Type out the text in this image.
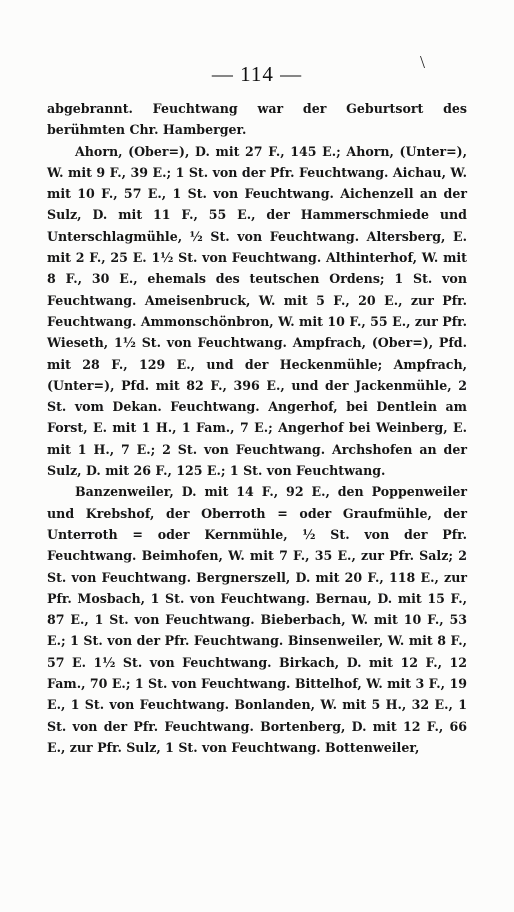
— 114 —	\

abgebrannt. Feuchtwang war der Geburtsort des berühmten Chr. Hamberger.

Ahorn, (Ober=), D. mit 27 F., 145 E.; Ahorn, (Unter=), W. mit 9 F., 39 E.; 1 St. von der Pfr. Feuchtwang. Aichau, W. mit 10 F., 57 E., 1 St. von Feuchtwang. Aichenzell an der Sulz, D. mit 11 F., 55 E., der Hammerschmiede und Unterschlagmühle, ½ St. von Feuchtwang. Altersberg, E. mit 2 F., 25 E. 1½ St. von Feuchtwang. Althinterhof, W. mit 8 F., 30 E., ehemals des teutschen Ordens; 1 St. von Feuchtwang. Ameisenbruck, W. mit 5 F., 20 E., zur Pfr. Feuchtwang. Ammonschönbron, W. mit 10 F., 55 E., zur Pfr. Wieseth, 1½ St. von Feuchtwang. Ampfrach, (Ober=), Pfd. mit 28 F., 129 E., und der Heckenmühle; Ampfrach, (Unter=), Pfd. mit 82 F., 396 E., und der Jackenmühle, 2 St. vom Dekan. Feuchtwang. Angerhof, bei Dentlein am Forst, E. mit 1 H., 1 Fam., 7 E.; Angerhof bei Weinberg, E. mit 1 H., 7 E.; 2 St. von Feuchtwang. Archshofen an der Sulz, D. mit 26 F., 125 E.; 1 St. von Feuchtwang.

Banzenweiler, D. mit 14 F., 92 E., den Poppenweiler und Krebshof, der Oberroth = oder Graufmühle, der Unterroth = oder Kernmühle, ½ St. von der Pfr. Feuchtwang. Beimhofen, W. mit 7 F., 35 E., zur Pfr. Salz; 2 St. von Feuchtwang. Bergnerszell, D. mit 20 F., 118 E., zur Pfr. Mosbach, 1 St. von Feuchtwang. Bernau, D. mit 15 F., 87 E., 1 St. von Feuchtwang. Bieberbach, W. mit 10 F., 53 E.; 1 St. von der Pfr. Feuchtwang. Binsenweiler, W. mit 8 F., 57 E. 1½ St. von Feuchtwang. Birkach, D. mit 12 F., 12 Fam., 70 E.; 1 St. von Feuchtwang. Bittelhof, W. mit 3 F., 19 E., 1 St. von Feuchtwang. Bonlanden, W. mit 5 H., 32 E., 1 St. von der Pfr. Feuchtwang. Bortenberg, D. mit 12 F., 66 E., zur Pfr. Sulz, 1 St. von Feuchtwang. Bottenweiler,
